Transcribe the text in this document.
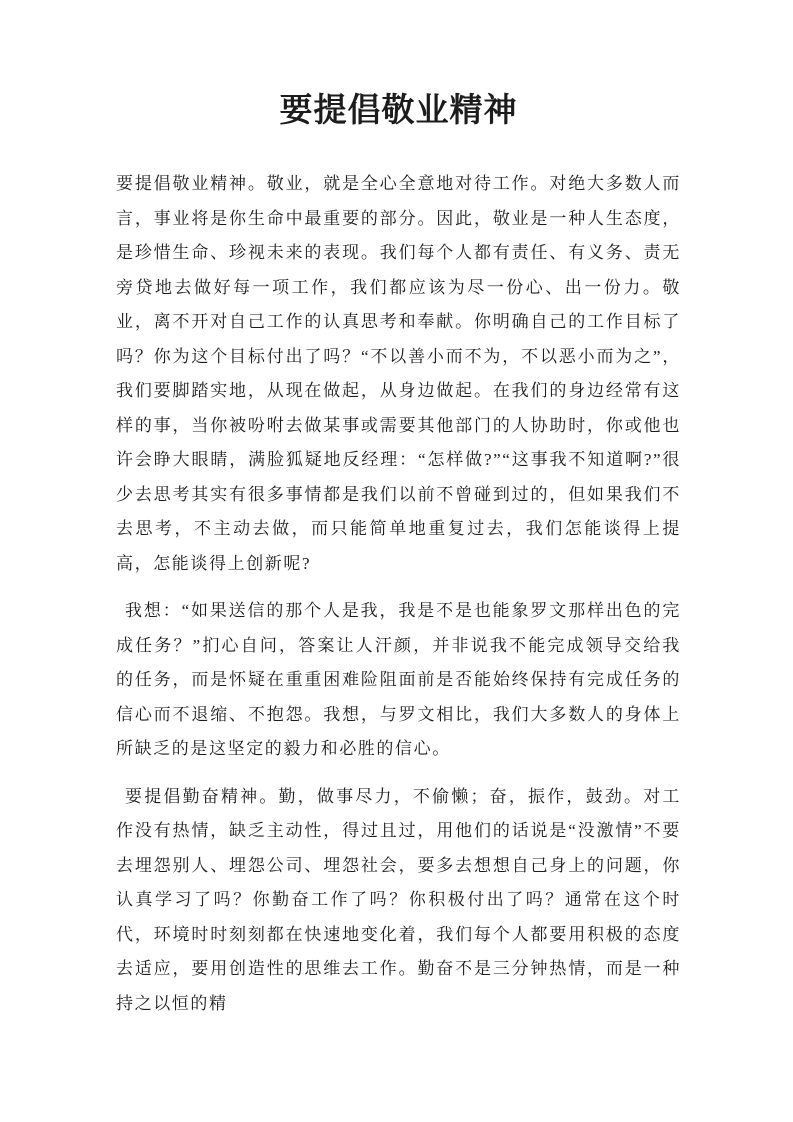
要提倡敬业精神

要提倡敬业精神。敬业，就是全心全意地对待工作。对绝大多数人而言，事业将是你生命中最重要的部分。因此，敬业是一种人生态度，是珍惜生命、珍视未来的表现。我们每个人都有责任、有义务、责无旁贷地去做好每一项工作，我们都应该为尽一份心、出一份力。敬业，离不开对自己工作的认真思考和奉献。你明确自己的工作目标了吗？你为这个目标付出了吗？“不以善小而不为，不以恶小而为之”，我们要脚踏实地，从现在做起，从身边做起。在我们的身边经常有这样的事，当你被吩咐去做某事或需要其他部门的人协助时，你或他也许会睁大眼睛，满脸狐疑地反经理：“怎样做?”“这事我不知道啊?”很少去思考其实有很多事情都是我们以前不曾碰到过的，但如果我们不去思考，不主动去做，而只能简单地重复过去，我们怎能谈得上提高，怎能谈得上创新呢?

我想：“如果送信的那个人是我，我是不是也能象罗文那样出色的完成任务？”扪心自问，答案让人汗颜，并非说我不能完成领导交给我的任务，而是怀疑在重重困难险阻面前是否能始终保持有完成任务的信心而不退缩、不抱怨。我想，与罗文相比，我们大多数人的身体上所缺乏的是这坚定的毅力和必胜的信心。

要提倡勤奋精神。勤，做事尽力，不偷懒；奋，振作，鼓劲。对工作没有热情，缺乏主动性，得过且过，用他们的话说是“没激情”不要去埋怨别人、埋怨公司、埋怨社会，要多去想想自己身上的问题，你认真学习了吗？你勤奋工作了吗？你积极付出了吗？通常在这个时代，环境时时刻刻都在快速地变化着，我们每个人都要用积极的态度去适应，要用创造性的思维去工作。勤奋不是三分钟热情，而是一种持之以恒的精
